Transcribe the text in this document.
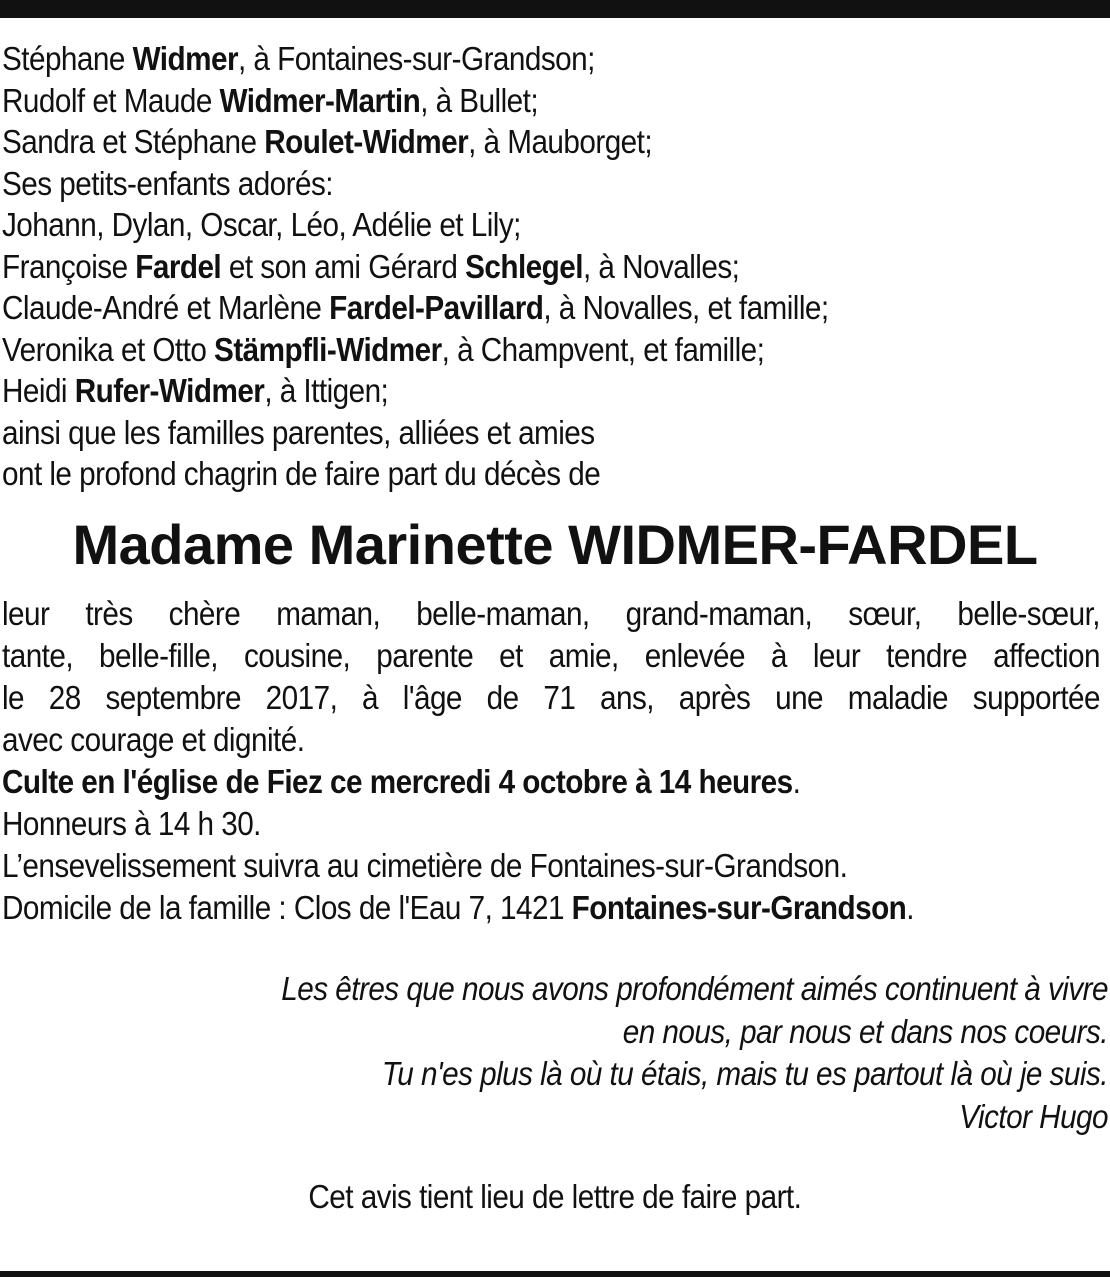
Stéphane Widmer, à Fontaines-sur-Grandson;
Rudolf et Maude Widmer-Martin, à Bullet;
Sandra et Stéphane Roulet-Widmer, à Mauborget;
Ses petits-enfants adorés:
Johann, Dylan, Oscar, Léo, Adélie et Lily;
Françoise Fardel et son ami Gérard Schlegel, à Novalles;
Claude-André et Marlène Fardel-Pavillard, à Novalles, et famille;
Veronika et Otto Stämpfli-Widmer, à Champvent, et famille;
Heidi Rufer-Widmer, à Ittigen;
ainsi que les familles parentes, alliées et amies
ont le profond chagrin de faire part du décès de
Madame Marinette WIDMER-FARDEL
leur très chère maman, belle-maman, grand-maman, sœur, belle-sœur,
tante, belle-fille, cousine, parente et amie, enlevée à leur tendre affection
le 28 septembre 2017, à l'âge de 71 ans, après une maladie supportée
avec courage et dignité.
Culte en l'église de Fiez ce mercredi 4 octobre à 14 heures.
Honneurs à 14 h 30.
L’ensevelissement suivra au cimetière de Fontaines-sur-Grandson.
Domicile de la famille : Clos de l'Eau 7, 1421 Fontaines-sur-Grandson.
Les êtres que nous avons profondément aimés continuent à vivre
en nous, par nous et dans nos coeurs.
Tu n'es plus là où tu étais, mais tu es partout là où je suis.
Victor Hugo
Cet avis tient lieu de lettre de faire part.
